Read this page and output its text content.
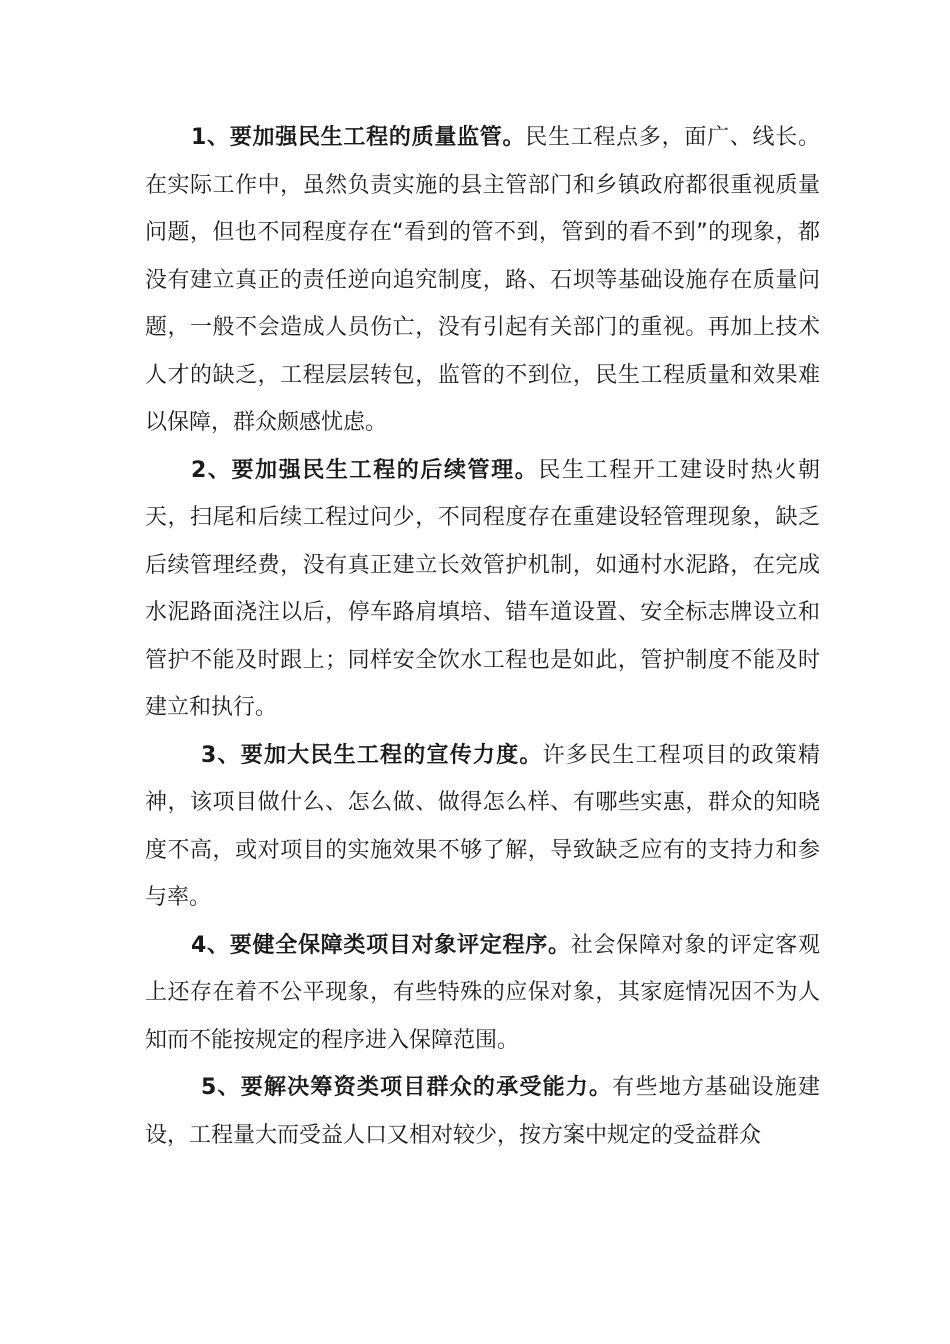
1、要加强民生工程的质量监管。民生工程点多，面广、线长。在实际工作中，虽然负责实施的县主管部门和乡镇政府都很重视质量问题，但也不同程度存在“看到的管不到，管到的看不到”的现象，都没有建立真正的责任逆向追究制度，路、石坝等基础设施存在质量问题，一般不会造成人员伤亡，没有引起有关部门的重视。再加上技术人才的缺乏，工程层层转包，监管的不到位，民生工程质量和效果难以保障，群众颇感忧虑。

2、要加强民生工程的后续管理。民生工程开工建设时热火朝天，扫尾和后续工程过问少，不同程度存在重建设轻管理现象，缺乏后续管理经费，没有真正建立长效管护机制，如通村水泥路，在完成水泥路面浇注以后，停车路肩填培、错车道设置、安全标志牌设立和管护不能及时跟上；同样安全饮水工程也是如此，管护制度不能及时建立和执行。

3、要加大民生工程的宣传力度。许多民生工程项目的政策精神，该项目做什么、怎么做、做得怎么样、有哪些实惠，群众的知晓度不高，或对项目的实施效果不够了解，导致缺乏应有的支持力和参与率。

4、要健全保障类项目对象评定程序。社会保障对象的评定客观上还存在着不公平现象，有些特殊的应保对象，其家庭情况因不为人知而不能按规定的程序进入保障范围。

5、要解决筹资类项目群众的承受能力。有些地方基础设施建设，工程量大而受益人口又相对较少，按方案中规定的受益群众
